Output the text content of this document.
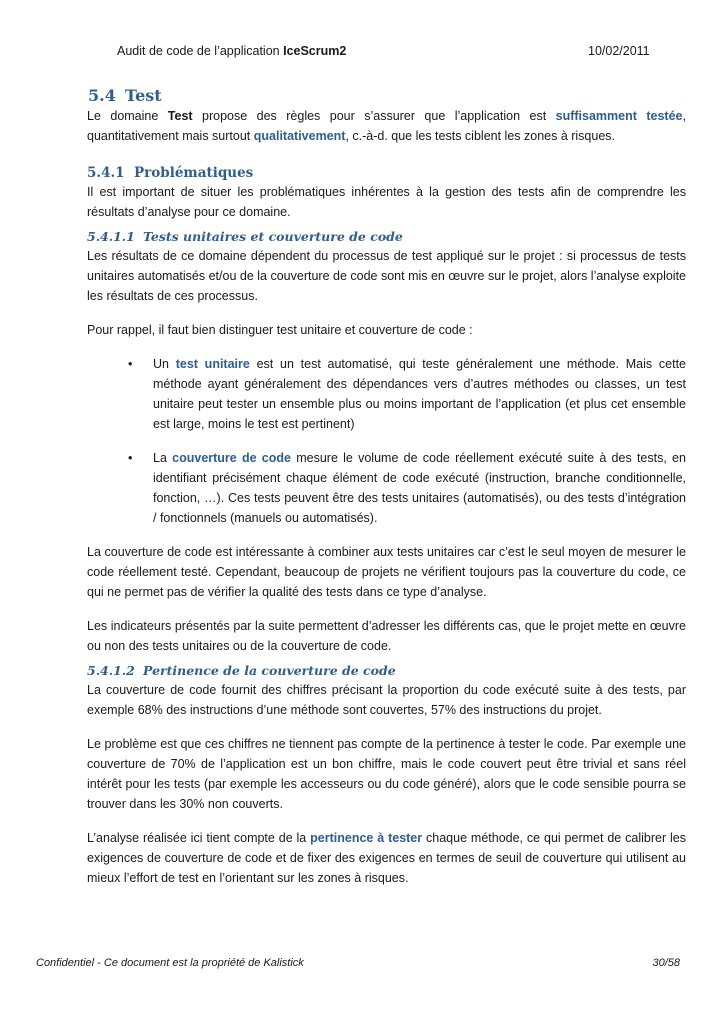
Audit de code de l’application IceScrum2	10/02/2011
5.4 Test

Le domaine Test propose des règles pour s’assurer que l’application est suffisamment testée, quantitativement mais surtout qualitativement, c.-à-d. que les tests ciblent les zones à risques.

5.4.1 Problématiques

Il est important de situer les problématiques inhérentes à la gestion des tests afin de comprendre les résultats d’analyse pour ce domaine.

5.4.1.1 Tests unitaires et couverture de code

Les résultats de ce domaine dépendent du processus de test appliqué sur le projet : si processus de tests unitaires automatisés et/ou de la couverture de code sont mis en œuvre sur le projet, alors l’analyse exploite les résultats de ces processus.

Pour rappel, il faut bien distinguer test unitaire et couverture de code :

• Un test unitaire est un test automatisé, qui teste généralement une méthode. Mais cette méthode ayant généralement des dépendances vers d’autres méthodes ou classes, un test unitaire peut tester un ensemble plus ou moins important de l’application (et plus cet ensemble est large, moins le test est pertinent)
• La couverture de code mesure le volume de code réellement exécuté suite à des tests, en identifiant précisément chaque élément de code exécuté (instruction, branche conditionnelle, fonction, …). Ces tests peuvent être des tests unitaires (automatisés), ou des tests d’intégration / fonctionnels (manuels ou automatisés).

La couverture de code est intéressante à combiner aux tests unitaires car c’est le seul moyen de mesurer le code réellement testé. Cependant, beaucoup de projets ne vérifient toujours pas la couverture du code, ce qui ne permet pas de vérifier la qualité des tests dans ce type d’analyse.

Les indicateurs présentés par la suite permettent d’adresser les différents cas, que le projet mette en œuvre ou non des tests unitaires ou de la couverture de code.

5.4.1.2 Pertinence de la couverture de code

La couverture de code fournit des chiffres précisant la proportion du code exécuté suite à des tests, par exemple 68% des instructions d’une méthode sont couvertes, 57% des instructions du projet.

Le problème est que ces chiffres ne tiennent pas compte de la pertinence à tester le code. Par exemple une couverture de 70% de l’application est un bon chiffre, mais le code couvert peut être trivial et sans réel intérêt pour les tests (par exemple les accesseurs ou du code généré), alors que le code sensible pourra se trouver dans les 30% non couverts.

L’analyse réalisée ici tient compte de la pertinence à tester chaque méthode, ce qui permet de calibrer les exigences de couverture de code et de fixer des exigences en termes de seuil de couverture qui utilisent au mieux l’effort de test en l’orientant sur les zones à risques.

Confidentiel - Ce document est la propriété de Kalistick	30/58
